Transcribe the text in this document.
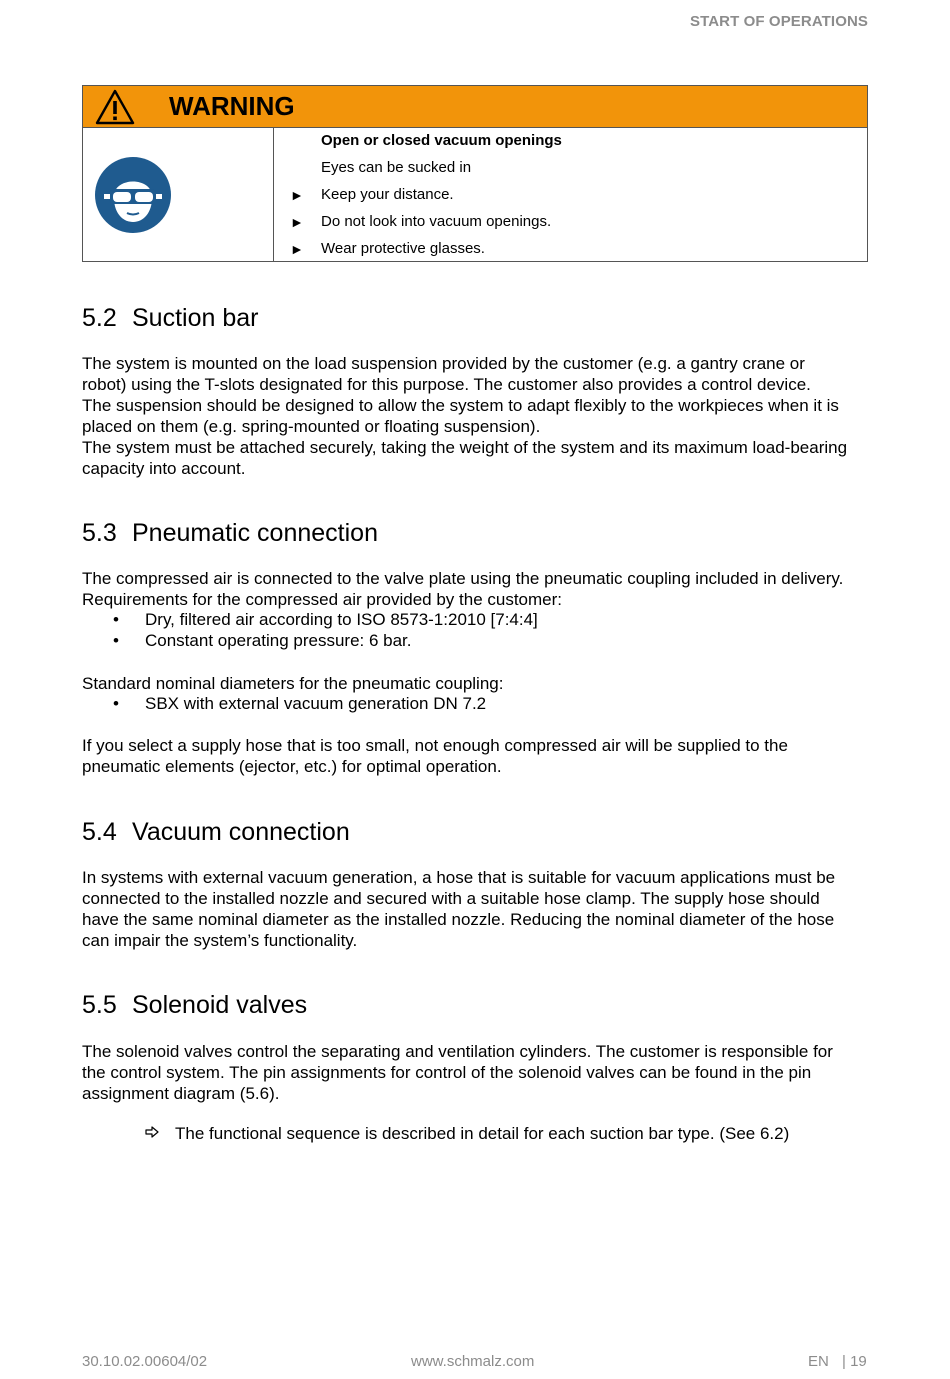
START OF OPERATIONS
WARNING
Open or closed vacuum openings
Eyes can be sucked in
► Keep your distance.
► Do not look into vacuum openings.
► Wear protective glasses.
5.2 Suction bar
The system is mounted on the load suspension provided by the customer (e.g. a gantry crane or
robot) using the T-slots designated for this purpose. The customer also provides a control device.
The suspension should be designed to allow the system to adapt flexibly to the workpieces when it is
placed on them (e.g. spring-mounted or floating suspension).
The system must be attached securely, taking the weight of the system and its maximum load-bearing
capacity into account.
5.3 Pneumatic connection
The compressed air is connected to the valve plate using the pneumatic coupling included in delivery.
Requirements for the compressed air provided by the customer:
• Dry, filtered air according to ISO 8573-1:2010 [7:4:4]
• Constant operating pressure: 6 bar.
Standard nominal diameters for the pneumatic coupling:
• SBX with external vacuum generation DN 7.2
If you select a supply hose that is too small, not enough compressed air will be supplied to the
pneumatic elements (ejector, etc.) for optimal operation.
5.4 Vacuum connection
In systems with external vacuum generation, a hose that is suitable for vacuum applications must be
connected to the installed nozzle and secured with a suitable hose clamp. The supply hose should
have the same nominal diameter as the installed nozzle. Reducing the nominal diameter of the hose
can impair the system’s functionality.
5.5 Solenoid valves
The solenoid valves control the separating and ventilation cylinders. The customer is responsible for
the control system. The pin assignments for control of the solenoid valves can be found in the pin
assignment diagram (5.6).
The functional sequence is described in detail for each suction bar type. (See 6.2)
30.10.02.00604/02	www.schmalz.com	EN | 19
